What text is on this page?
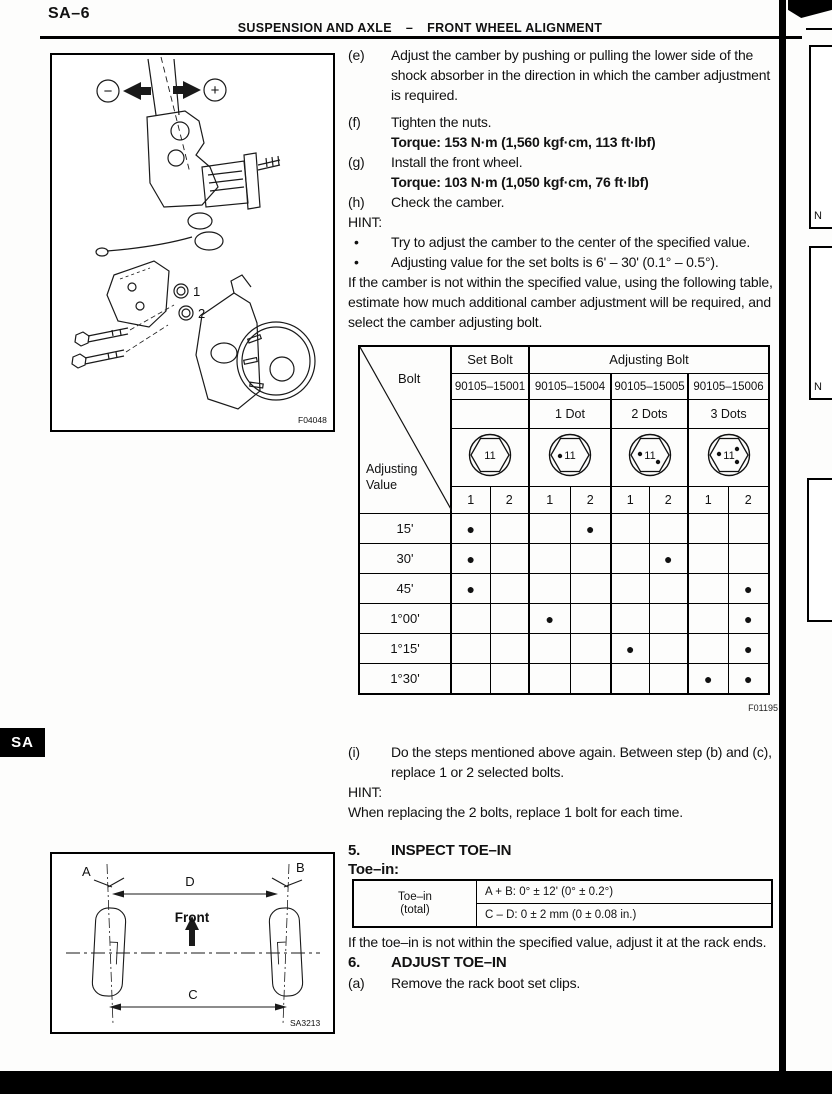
SA–6
SUSPENSION AND AXLE – FRONT WHEEL ALIGNMENT
−	+
1
2
F04048
(e)	Adjust the camber by pushing or pulling the lower side of the shock absorber in the direction in which the camber adjustment is required.
(f)	Tighten the nuts.
Torque: 153 N·m (1,560 kgf·cm, 113 ft·lbf)
(g)	Install the front wheel.
Torque: 103 N·m (1,050 kgf·cm, 76 ft·lbf)
(h)	Check the camber.
HINT:
•	Try to adjust the camber to the center of the specified value.
•	Adjusting value for the set bolts is 6' – 30' (0.1° – 0.5°).

If the camber is not within the specified value, using the following table, estimate how much additional camber adjustment will be required, and select the camber adjusting bolt.

Bolt
Adjusting Value	Set Bolt		Adjusting Bolt					
	90105–15001		90105–15004		90105–15005		90105–15006	
			1 Dot		2 Dots		3 Dots	

11		11		11		11	

	1	2	1	2	1	2	1	2
15'	●			●				
30'	●					●		
45'	●							●
1°00'			●					●
1°15'					●			●
1°30'							●	●
F01195
(i)	Do the steps mentioned above again. Between step (b) and (c), replace 1 or 2 selected bolts.
HINT:
When replacing the 2 bolts, replace 1 bolt for each time.
5.	INSPECT TOE–IN
Toe–in:
Toe–in
(total)
	A + B: 0° ± 12' (0° ± 0.2°)
C – D: 0 ± 2 mm (0 ± 0.08 in.)

If the toe–in is not within the specified value, adjust it at the rack ends.

6.	ADJUST TOE–IN
(a)	Remove the rack boot set clips.
A	B
D
Front
C
SA3213
SA
N
N
